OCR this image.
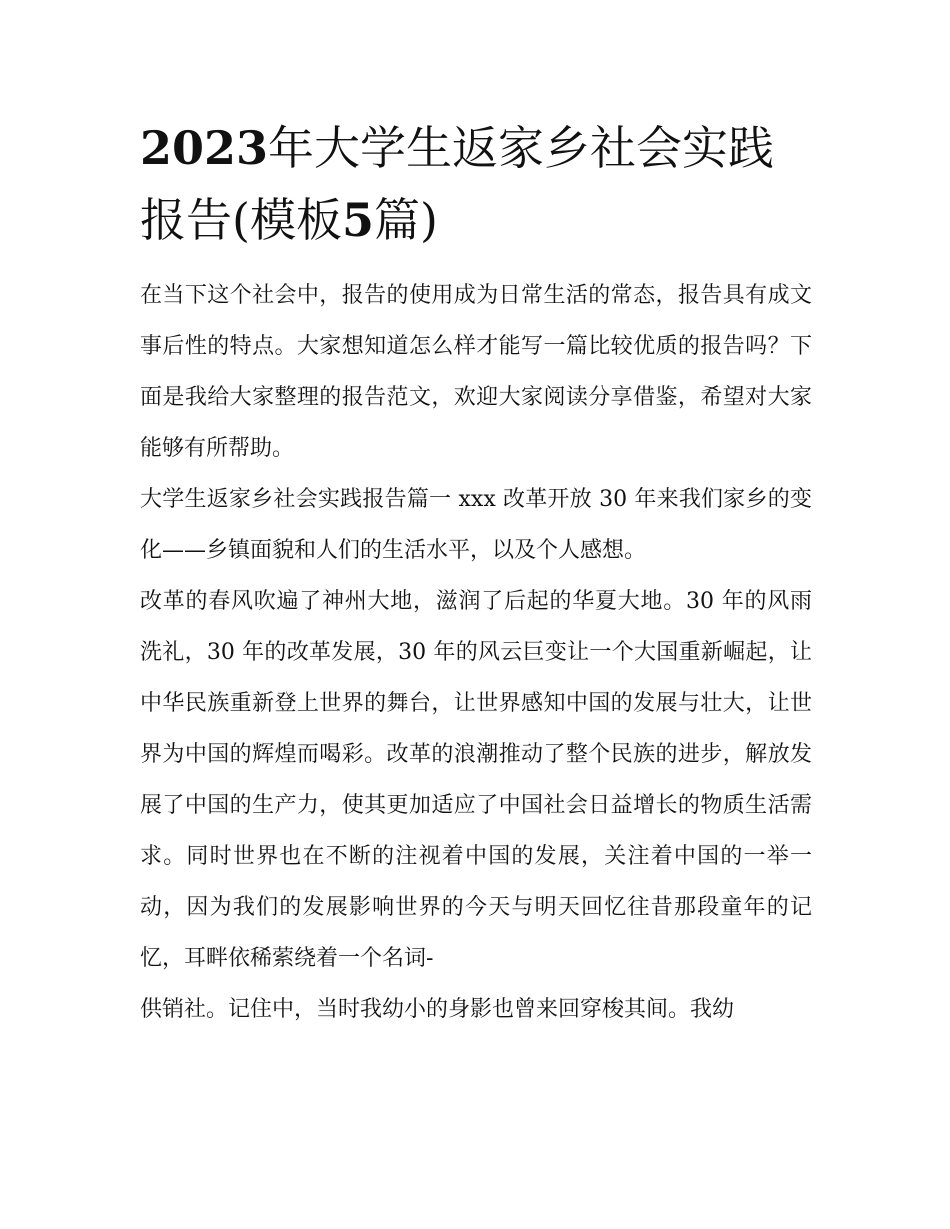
2023年大学生返家乡社会实践报告(模板5篇)

在当下这个社会中，报告的使用成为日常生活的常态，报告具有成文事后性的特点。大家想知道怎么样才能写一篇比较优质的报告吗？下面是我给大家整理的报告范文，欢迎大家阅读分享借鉴，希望对大家能够有所帮助。

大学生返家乡社会实践报告篇一 xxx 改革开放 30 年来我们家乡的变化——乡镇面貌和人们的生活水平，以及个人感想。

改革的春风吹遍了神州大地，滋润了后起的华夏大地。30 年的风雨洗礼，30 年的改革发展，30 年的风云巨变让一个大国重新崛起，让中华民族重新登上世界的舞台，让世界感知中国的发展与壮大，让世界为中国的辉煌而喝彩。改革的浪潮推动了整个民族的进步，解放发展了中国的生产力，使其更加适应了中国社会日益增长的物质生活需求。同时世界也在不断的注视着中国的发展，关注着中国的一举一动，因为我们的发展影响世界的今天与明天回忆往昔那段童年的记忆，耳畔依稀萦绕着一个名词-

供销社。记住中，当时我幼小的身影也曾来回穿梭其间。我幼
